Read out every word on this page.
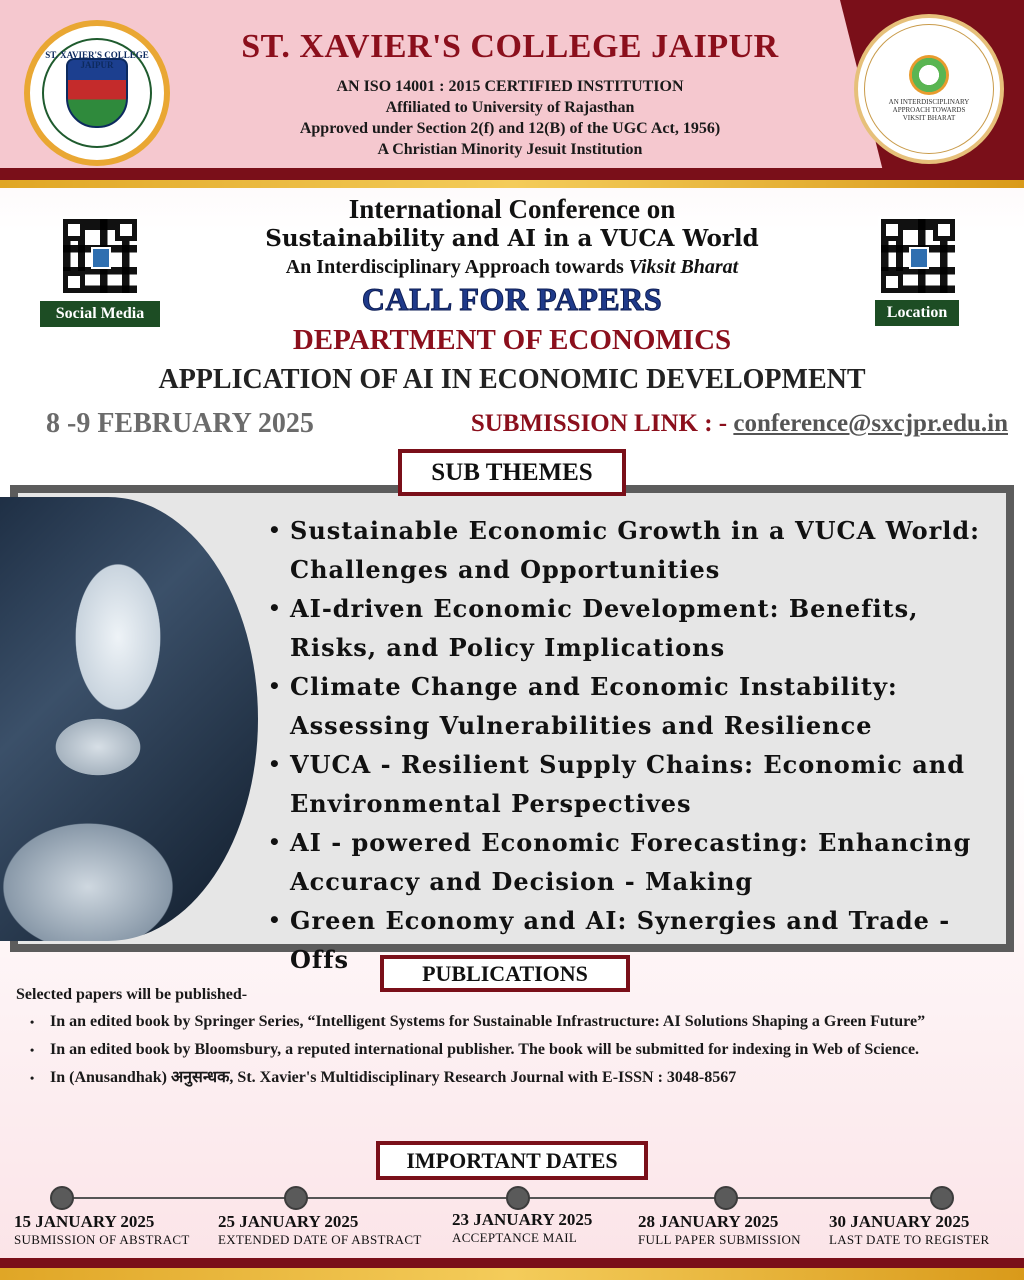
ST. XAVIER'S COLLEGE JAIPUR	ST. XAVIER'S COLLEGE JAIPUR
AN ISO 14001 : 2015 CERTIFIED INSTITUTION
Affiliated to University of Rajasthan
Approved under Section 2(f) and 12(B) of the UGC Act, 1956)
A Christian Minority Jesuit Institution
AN INTERDISCIPLINARY APPROACH TOWARDS VIKSIT BHARAT
Social Media	Location
International Conference on
Sustainability and AI in a VUCA World
An Interdisciplinary Approach towards Viksit Bharat
CALL FOR PAPERS
DEPARTMENT OF ECONOMICS
APPLICATION OF AI IN ECONOMIC DEVELOPMENT
8 -9 FEBRUARY 2025	SUBMISSION LINK : - conference@sxcjpr.edu.in
• Sustainable Economic Growth in a VUCA World: Challenges and Opportunities
• AI-driven Economic Development: Benefits, Risks, and Policy Implications
• Climate Change and Economic Instability: Assessing Vulnerabilities and Resilience
• VUCA - Resilient Supply Chains: Economic and Environmental Perspectives
• AI - powered Economic Forecasting: Enhancing Accuracy and Decision - Making
• Green Economy and AI: Synergies and Trade - Offs
SUB THEMES
PUBLICATIONS
Selected papers will be published-
• In an edited book by Springer Series, “Intelligent Systems for Sustainable Infrastructure: AI Solutions Shaping a Green Future”
• In an edited book by Bloomsbury, a reputed international publisher. The book will be submitted for indexing in Web of Science.
• In (Anusandhak) अनुसन्धक, St. Xavier's Multidisciplinary Research Journal with E-ISSN : 3048-8567
IMPORTANT DATES
15 JANUARY 2025
SUBMISSION OF ABSTRACT
25 JANUARY 2025
EXTENDED DATE OF ABSTRACT
23 JANUARY 2025
ACCEPTANCE MAIL
28 JANUARY 2025
FULL PAPER SUBMISSION
30 JANUARY 2025
LAST DATE TO REGISTER
